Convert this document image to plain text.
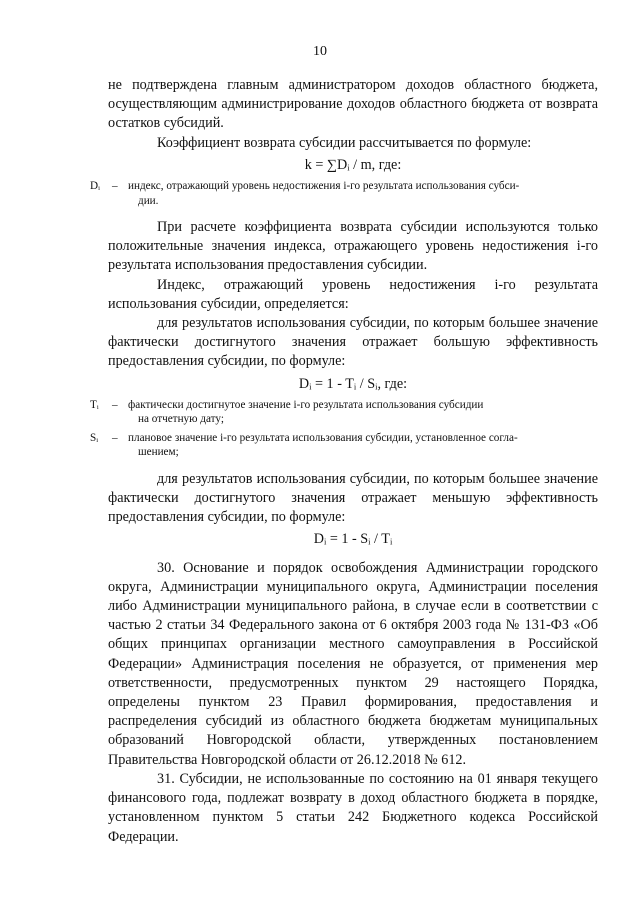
10

не подтверждена главным администратором доходов областного бюджета, осуществляющим администрирование доходов областного бюджета от возврата остатков субсидий.

Коэффициент возврата субсидии рассчитывается по формуле:

k = ∑Dᵢ / m, где:
Dᵢ	– индекс, отражающий уровень недостижения i-го результата использования субси-
дии.

При расчете коэффициента возврата субсидии используются только положительные значения индекса, отражающего уровень недостижения i-го результата использования предоставления субсидии.

Индекс, отражающий уровень недостижения i-го результата использования субсидии, определяется:

для результатов использования субсидии, по которым большее значение фактически достигнутого значения отражает большую эффективность предоставления субсидии, по формуле:

Dᵢ = 1 - Tᵢ / Sᵢ, где:
Tᵢ	– фактически достигнутое значение i-го результата использования субсидии
на отчетную дату;
Sᵢ	– плановое значение i-го результата использования субсидии, установленное согла-
шением;

для результатов использования субсидии, по которым большее значение фактически достигнутого значения отражает меньшую эффективность предоставления субсидии, по формуле:

Dᵢ = 1 - Sᵢ / Tᵢ

30. Основание и порядок освобождения Администрации городского округа, Администрации муниципального округа, Администрации поселения либо Администрации муниципального района, в случае если в соответствии с частью 2 статьи 34 Федерального закона от 6 октября 2003 года № 131-ФЗ «Об общих принципах организации местного самоуправления в Российской Федерации» Администрация поселения не образуется, от применения мер ответственности, предусмотренных пунктом 29 настоящего Порядка, определены пунктом 23 Правил формирования, предоставления и распределения субсидий из областного бюджета бюджетам муниципальных образований Новгородской области, утвержденных постановлением Правительства Новгородской области от 26.12.2018 № 612.

31. Субсидии, не использованные по состоянию на 01 января текущего финансового года, подлежат возврату в доход областного бюджета в порядке, установленном пунктом 5 статьи 242 Бюджетного кодекса Российской Федерации.
